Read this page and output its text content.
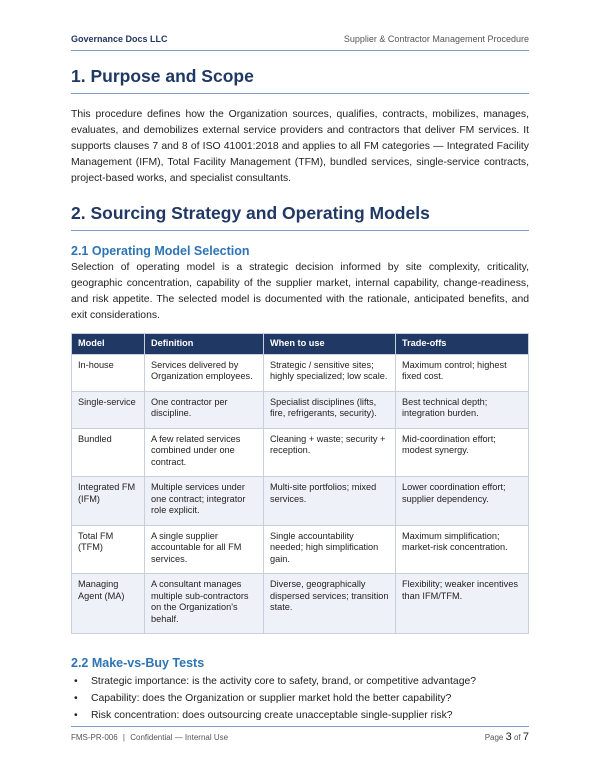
Governance Docs LLC	Supplier & Contractor Management Procedure
1. Purpose and Scope

This procedure defines how the Organization sources, qualifies, contracts, mobilizes, manages, evaluates, and demobilizes external service providers and contractors that deliver FM services. It supports clauses 7 and 8 of ISO 41001:2018 and applies to all FM categories — Integrated Facility Management (IFM), Total Facility Management (TFM), bundled services, single-service contracts, project-based works, and specialist consultants.

2. Sourcing Strategy and Operating Models
2.1 Operating Model Selection

Selection of operating model is a strategic decision informed by site complexity, criticality, geographic concentration, capability of the supplier market, internal capability, change-readiness, and risk appetite. The selected model is documented with the rationale, anticipated benefits, and exit considerations.

Model	Definition	When to use	Trade-offs
In-house	Services delivered by Organization employees.	Strategic / sensitive sites; highly specialized; low scale.	Maximum control; highest fixed cost.
Single-service	One contractor per discipline.	Specialist disciplines (lifts, fire, refrigerants, security).	Best technical depth; integration burden.
Bundled	A few related services combined under one contract.	Cleaning + waste; security + reception.	Mid-coordination effort; modest synergy.
Integrated FM (IFM)	Multiple services under one contract; integrator role explicit.	Multi-site portfolios; mixed services.	Lower coordination effort; supplier dependency.
Total FM (TFM)	A single supplier accountable for all FM services.	Single accountability needed; high simplification gain.	Maximum simplification; market-risk concentration.
Managing Agent (MA)	A consultant manages multiple sub-contractors on the Organization's behalf.	Diverse, geographically dispersed services; transition state.	Flexibility; weaker incentives than IFM/TFM.
2.2 Make-vs-Buy Tests
• Strategic importance: is the activity core to safety, brand, or competitive advantage?
• Capability: does the Organization or supplier market hold the better capability?
• Risk concentration: does outsourcing create unacceptable single-supplier risk?
FMS-PR-006 | Confidential — Internal Use	Page 3 of 7
